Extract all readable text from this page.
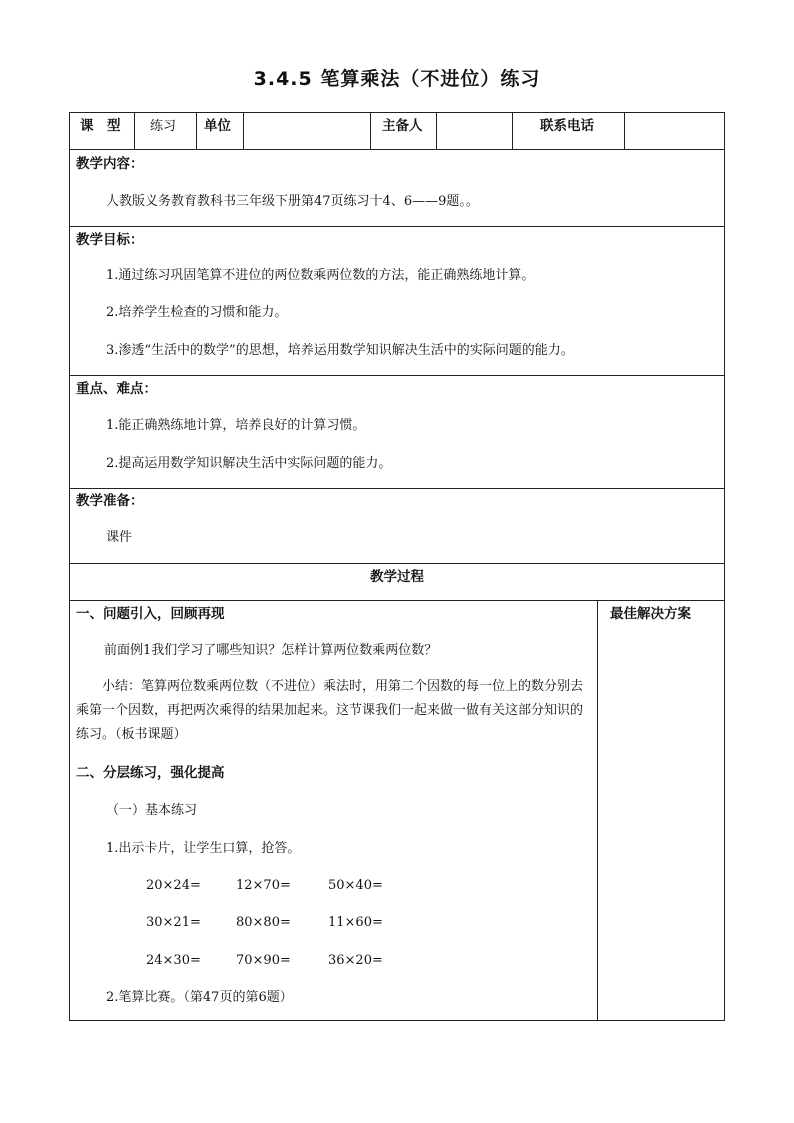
3.4.5 笔算乘法（不进位）练习
课　型 练习 单位	主备人	联系电话
教学内容：
人教版义务教育教科书三年级下册第47页练习十4、6——9题。。
教学目标：
1.通过练习巩固笔算不进位的两位数乘两位数的方法，能正确熟练地计算。
2.培养学生检查的习惯和能力。
3.渗透“生活中的数学”的思想，培养运用数学知识解决生活中的实际问题的能力。
重点、难点：
1.能正确熟练地计算，培养良好的计算习惯。
2.提高运用数学知识解决生活中实际问题的能力。
教学准备：
课件
教学过程
一、问题引入，回顾再现
前面例1我们学习了哪些知识？怎样计算两位数乘两位数？
小结：笔算两位数乘两位数（不进位）乘法时，用第二个因数的每一位上的数分别去乘第一个因数，再把两次乘得的结果加起来。这节课我们一起来做一做有关这部分知识的练习。（板书课题）
二、分层练习，强化提高
（一）基本练习
1.出示卡片，让学生口算，抢答。
20×24=	12×70=	50×40=
30×21=	80×80=	11×60=
24×30=	70×90=	36×20=
2.笔算比赛。（第47页的第6题）
最佳解决方案
